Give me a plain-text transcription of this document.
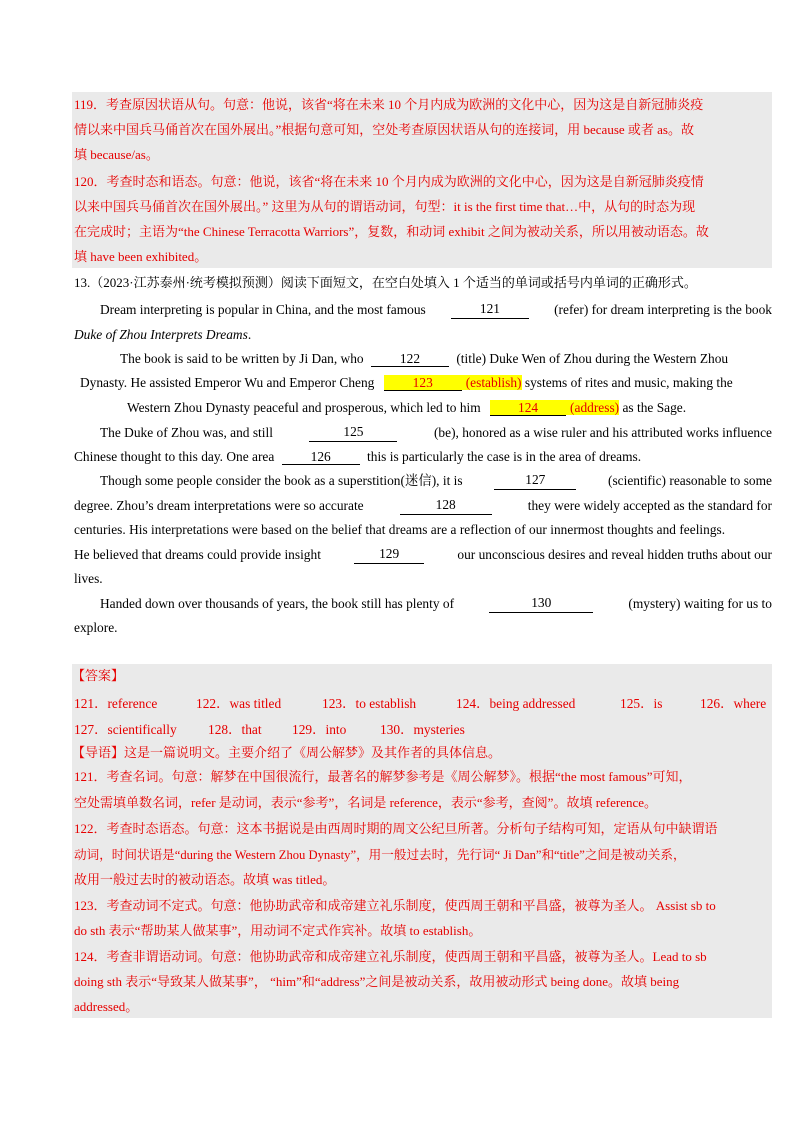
119．考查原因状语从句。句意：他说，该省“将在未来 10 个月内成为欧洲的文化中心，因为这是自新冠肺炎疫
情以来中国兵马俑首次在国外展出。”根据句意可知，空处考查原因状语从句的连接词，用 because 或者 as。故
填 because/as。
120．考查时态和语态。句意：他说，该省“将在未来 10 个月内成为欧洲的文化中心，因为这是自新冠肺炎疫情
以来中国兵马俑首次在国外展出。” 这里为从句的谓语动词，句型：it is the first time that…中，从句的时态为现
在完成时；主语为“the Chinese Terracotta Warriors”，复数，和动词 exhibit 之间为被动关系，所以用被动语态。故
填 have been exhibited。
13.（2023·江苏泰州·统考模拟预测）阅读下面短文，在空白处填入 1 个适当的单词或括号内单词的正确形式。
Dream interpreting is popular in China, and the most famous	121	(refer) for dream interpreting is the book
Duke of Zhou Interprets Dreams.
The book is said to be written by Ji Dan, who	122	(title) Duke Wen of Zhou during the Western Zhou
Dynasty. He assisted Emperor Wu and Emperor Cheng	123 (establish) systems of rites and music, making the
Western Zhou Dynasty peaceful and prosperous, which led to him	124 (address) as the Sage.
The Duke of Zhou was, and still	125	(be), honored as a wise ruler and his attributed works influence
Chinese thought to this day. One area	126	this is particularly the case is in the area of dreams.
Though some people consider the book as a superstition(迷信), it is	127	(scientific) reasonable to some
degree. Zhou’s dream interpretations were so accurate	128	they were widely accepted as the standard for
centuries. His interpretations were based on the belief that dreams are a reflection of our innermost thoughts and feelings.
He believed that dreams could provide insight	129	our unconscious desires and reveal hidden truths about our
lives.
Handed down over thousands of years, the book still has plenty of	130	(mystery) waiting for us to
explore.
【答案】
121．reference	122．was titled	123．to establish	124．being addressed	125．is	126．where
127．scientifically 128．that 129．into	130．mysteries
【导语】这是一篇说明文。主要介绍了《周公解梦》及其作者的具体信息。
121．考查名词。句意：解梦在中国很流行，最著名的解梦参考是《周公解梦》。根据“the most famous”可知，
空处需填单数名词，refer 是动词，表示“参考”，名词是 reference，表示“参考，查阅”。故填 reference。
122．考查时态语态。句意：这本书据说是由西周时期的周文公纪旦所著。分析句子结构可知，定语从句中缺谓语
动词，时间状语是“during the Western Zhou Dynasty”，用一般过去时，先行词“ Ji Dan”和“title”之间是被动关系，
故用一般过去时的被动语态。故填 was titled。
123．考查动词不定式。句意：他协助武帝和成帝建立礼乐制度，使西周王朝和平昌盛，被尊为圣人。 Assist sb to
do sth 表示“帮助某人做某事”，用动词不定式作宾补。故填 to establish。
124．考查非谓语动词。句意：他协助武帝和成帝建立礼乐制度，使西周王朝和平昌盛，被尊为圣人。Lead to sb
doing sth 表示“导致某人做某事”， “him”和“address”之间是被动关系，故用被动形式 being done。故填 being
addressed。
